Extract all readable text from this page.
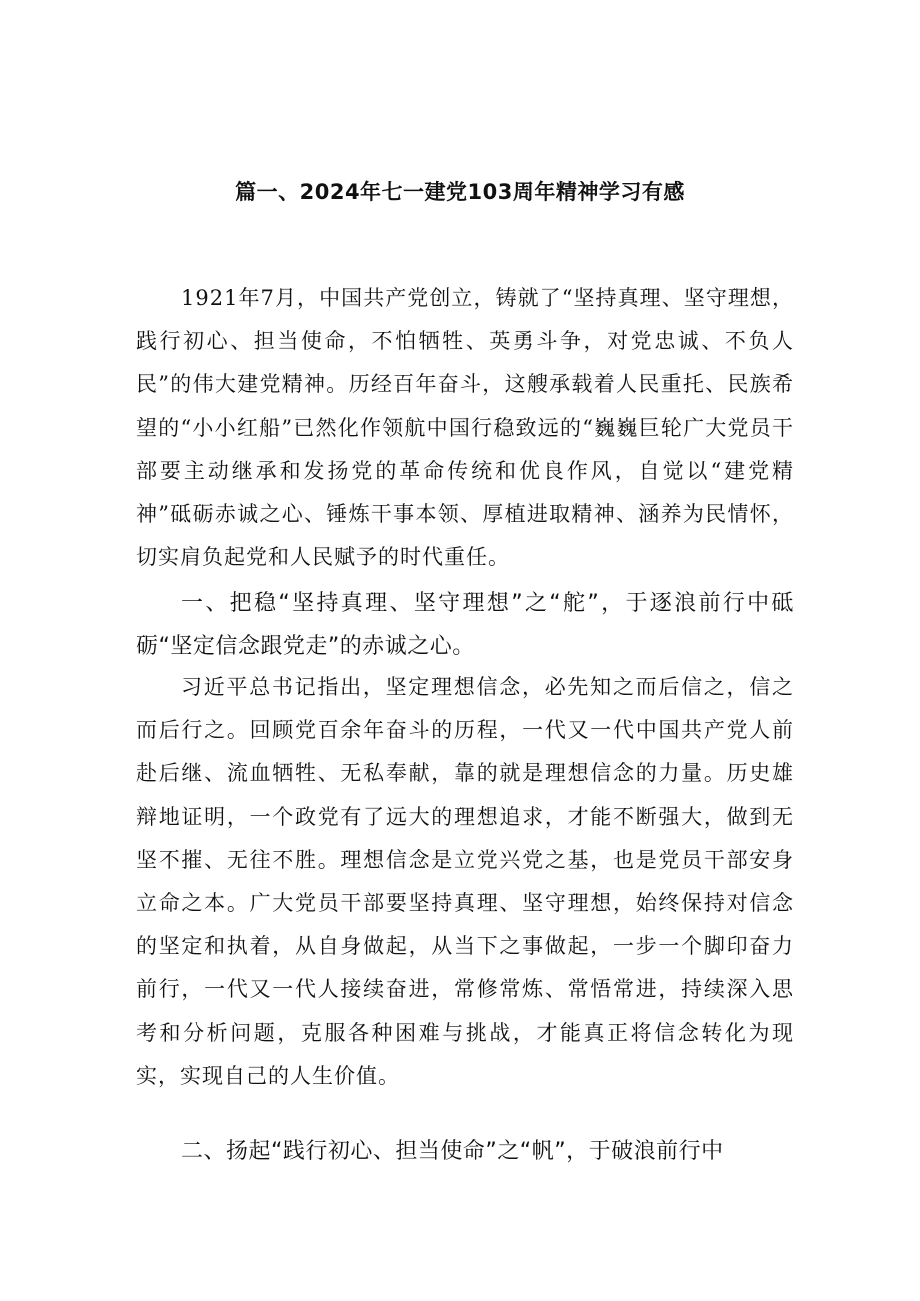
篇一、2024年七一建党103周年精神学习有感

1921年7月，中国共产党创立，铸就了“坚持真理、坚守理想，践行初心、担当使命，不怕牺牲、英勇斗争，对党忠诚、不负人民”的伟大建党精神。历经百年奋斗，这艘承载着人民重托、民族希望的“小小红船”已然化作领航中国行稳致远的“巍巍巨轮广大党员干部要主动继承和发扬党的革命传统和优良作风，自觉以“建党精神”砥砺赤诚之心、锤炼干事本领、厚植进取精神、涵养为民情怀，切实肩负起党和人民赋予的时代重任。

一、把稳“坚持真理、坚守理想”之“舵”，于逐浪前行中砥砺“坚定信念跟党走”的赤诚之心。

习近平总书记指出，坚定理想信念，必先知之而后信之，信之而后行之。回顾党百余年奋斗的历程，一代又一代中国共产党人前赴后继、流血牺牲、无私奉献，靠的就是理想信念的力量。历史雄辩地证明，一个政党有了远大的理想追求，才能不断强大，做到无坚不摧、无往不胜。理想信念是立党兴党之基，也是党员干部安身立命之本。广大党员干部要坚持真理、坚守理想，始终保持对信念的坚定和执着，从自身做起，从当下之事做起，一步一个脚印奋力前行，一代又一代人接续奋进，常修常炼、常悟常进，持续深入思考和分析问题，克服各种困难与挑战，才能真正将信念转化为现实，实现自己的人生价值。

二、扬起“践行初心、担当使命”之“帆”，于破浪前行中
